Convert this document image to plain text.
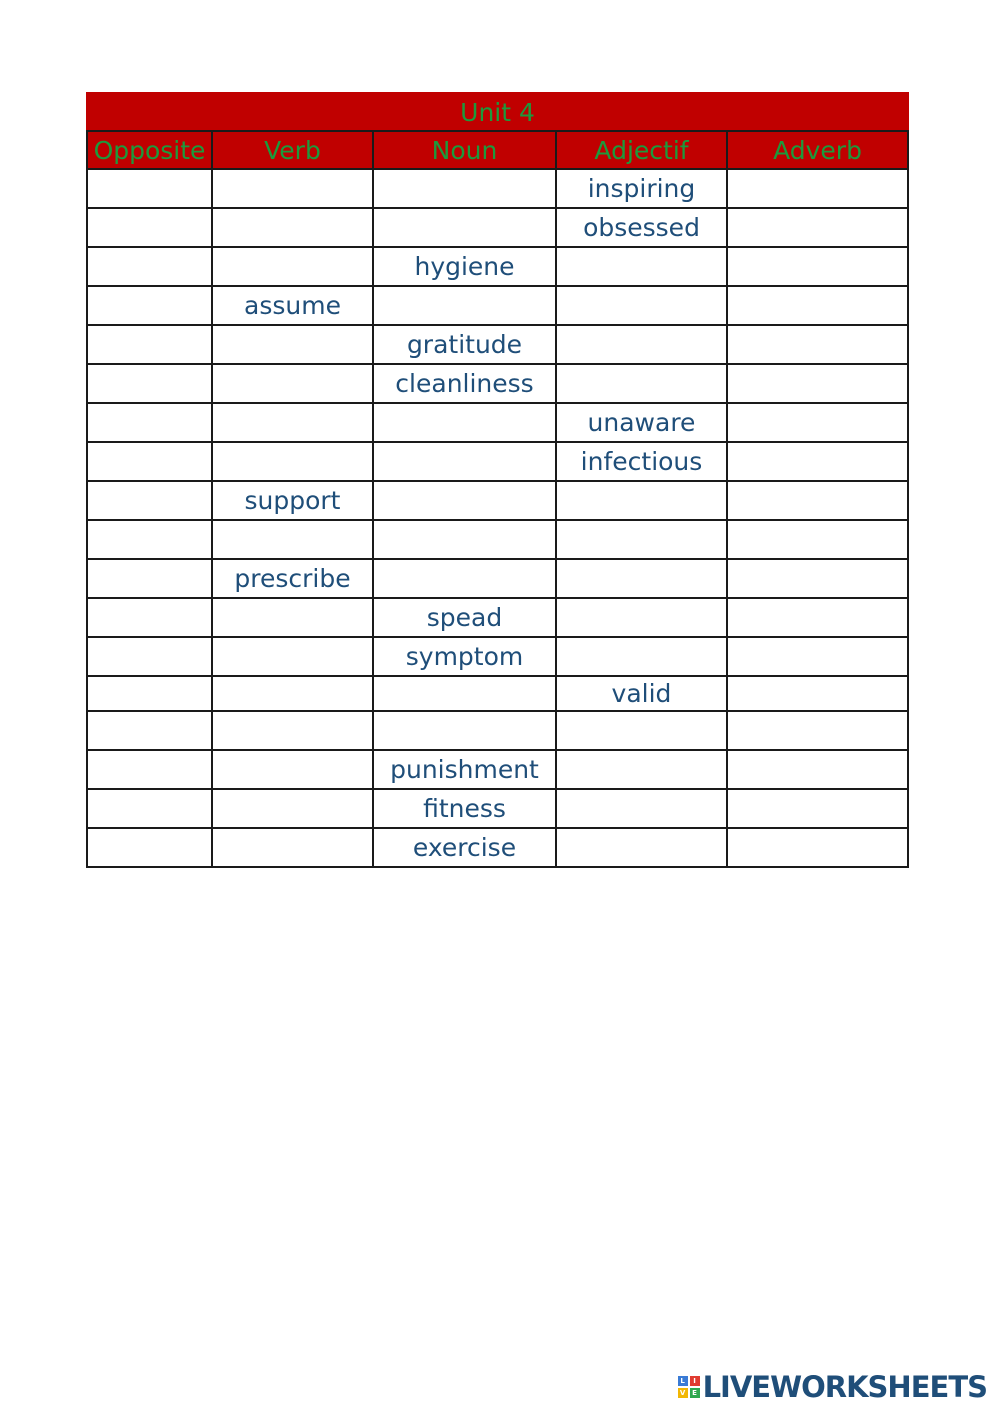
Unit 4				
Opposite	Verb	Noun	Adjectif	Adverb
			inspiring	
			obsessed	
		hygiene		
	assume			
		gratitude		
		cleanliness		
			unaware	
			infectious	
	support			

	prescribe			
		spead		
		symptom		
			valid	

		punishment		
		fitness		
		exercise		
L	I
V E LIVEWORKSHEETS
